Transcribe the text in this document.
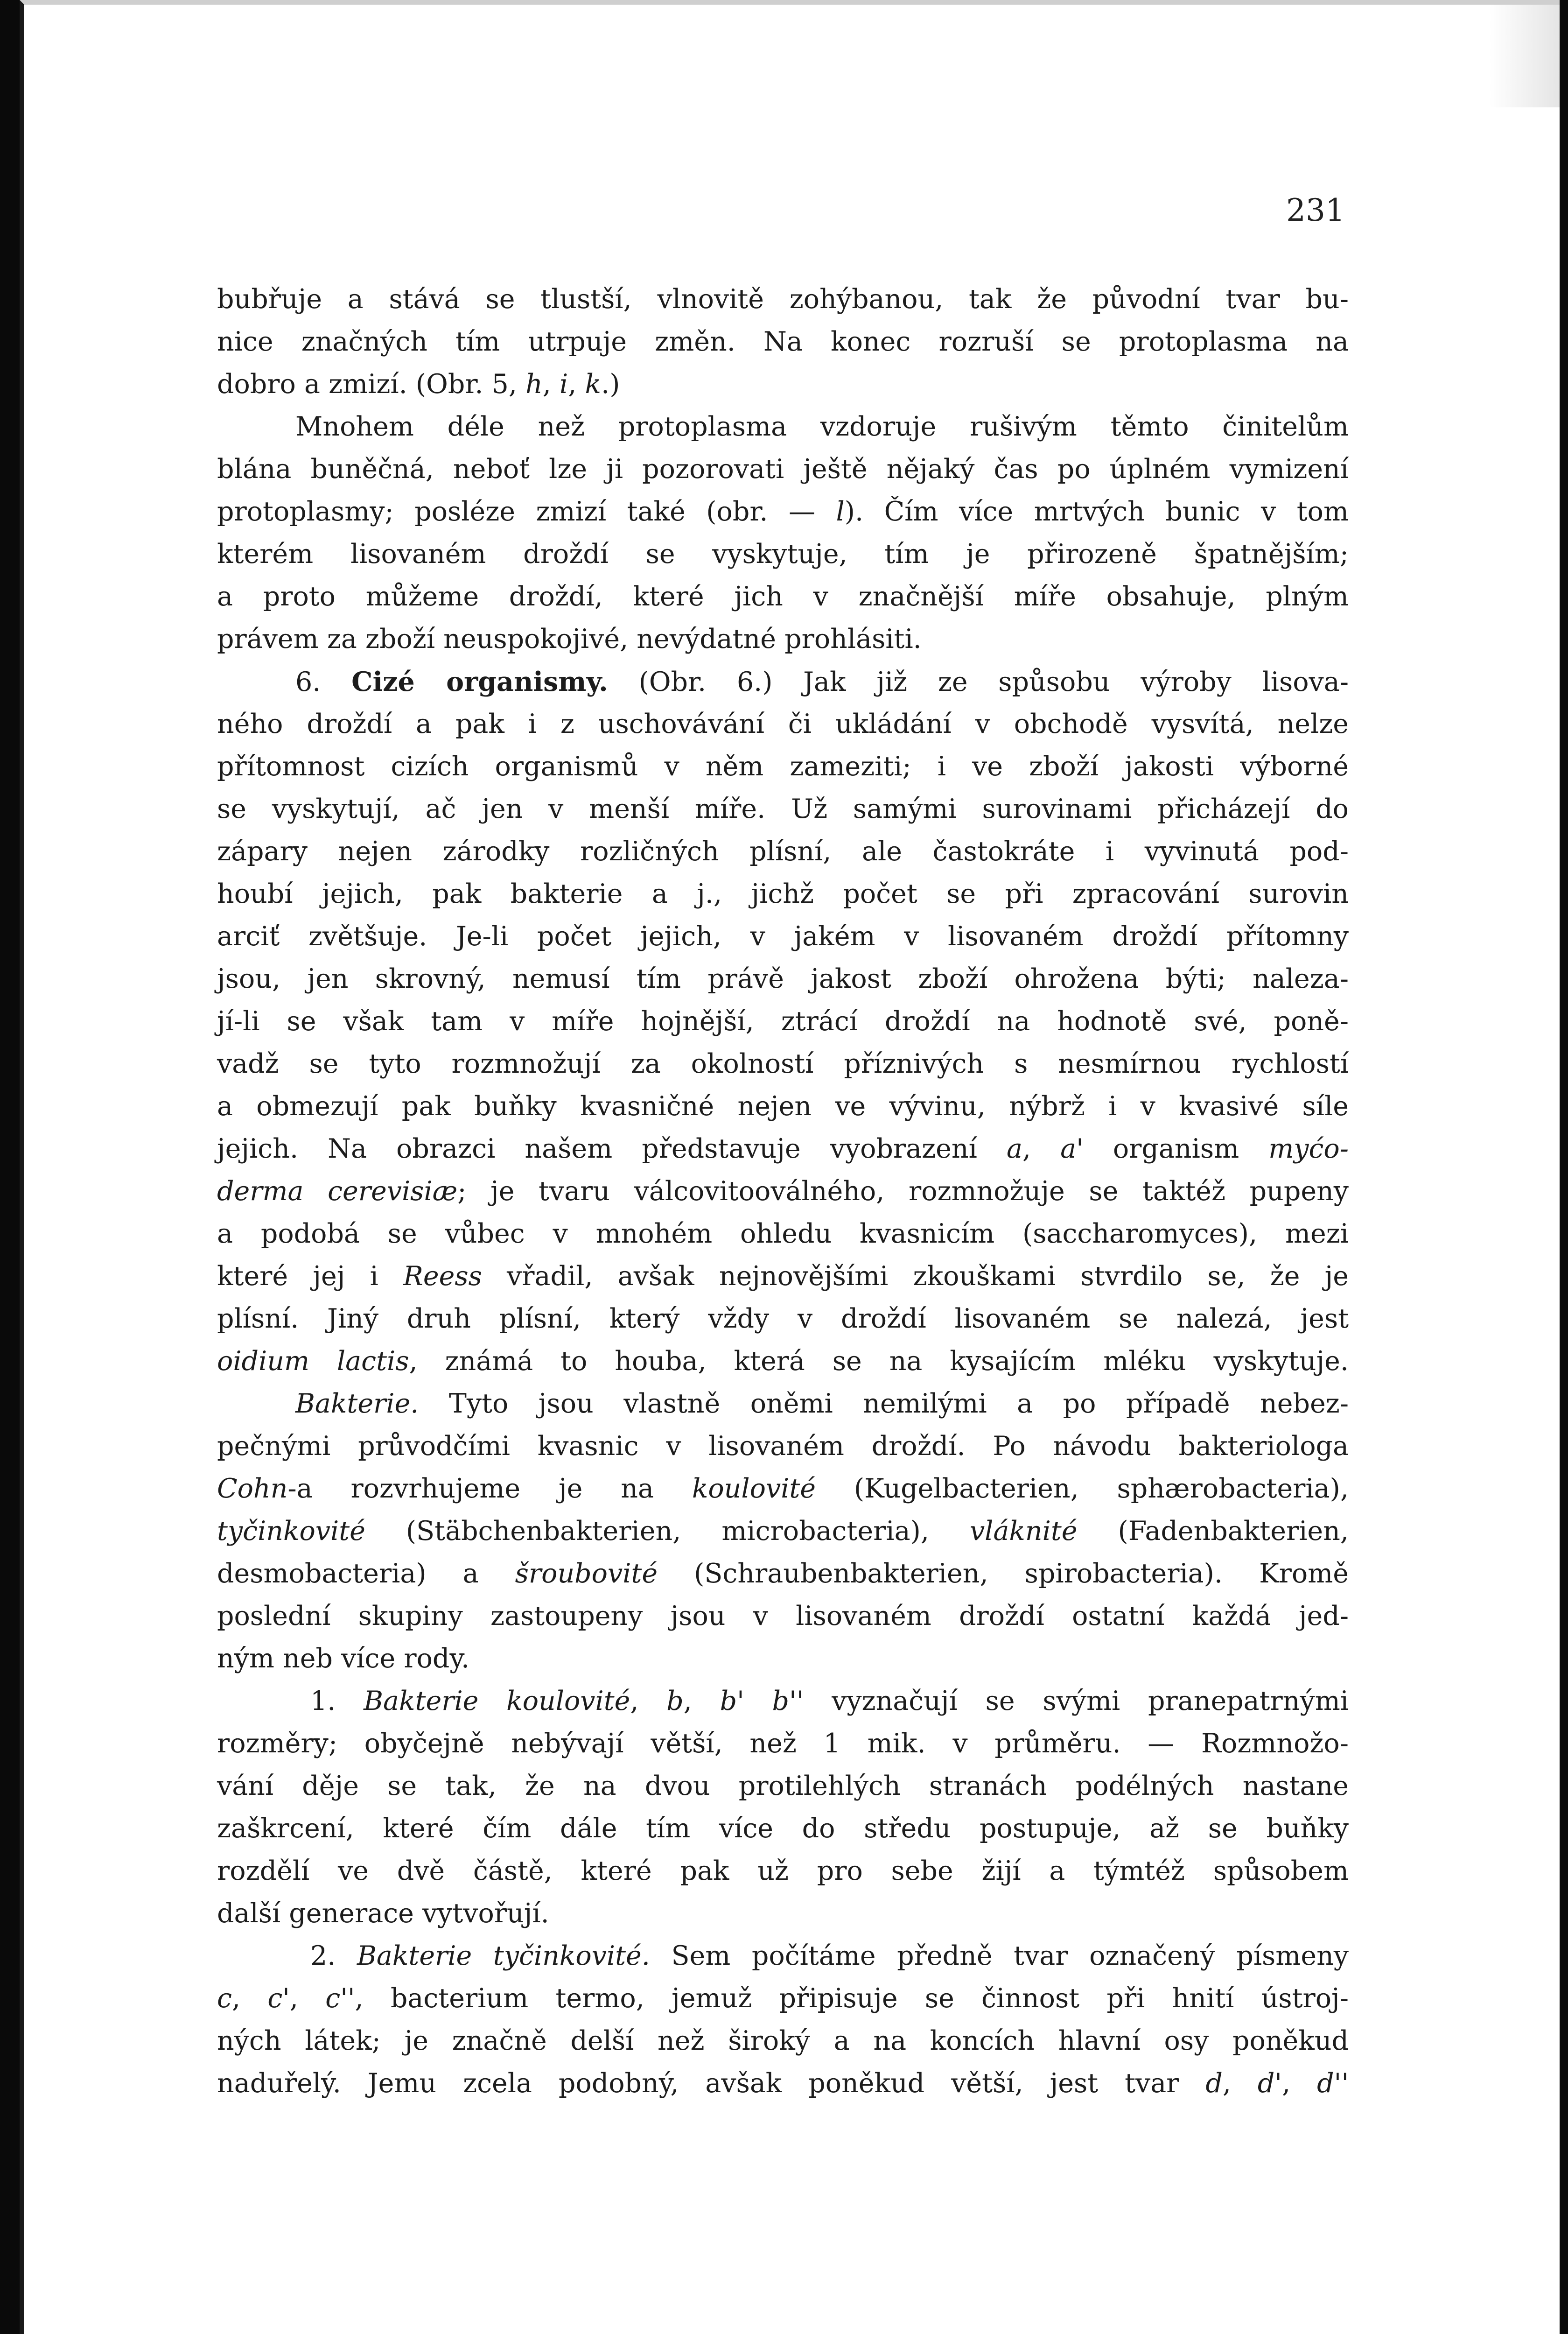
231
bubřuje a stává se tlustší, vlnovitě zohýbanou, tak že původní tvar bu-
nice značných tím utrpuje změn. Na konec rozruší se protoplasma na
dobro a zmizí. (Obr. 5, h, i, k.)
Mnohem déle než protoplasma vzdoruje rušivým těmto činitelům
blána buněčná, neboť lze ji pozorovati ještě nějaký čas po úplném vymizení
protoplasmy; posléze zmizí také (obr. — l). Čím více mrtvých bunic v tom
kterém lisovaném droždí se vyskytuje, tím je přirozeně špatnějším;
a proto můžeme droždí, které jich v značnější míře obsahuje, plným
právem za zboží neuspokojivé, nevýdatné prohlásiti.
6. Cizé organismy. (Obr. 6.) Jak již ze spůsobu výroby lisova-
ného droždí a pak i z uschovávání či ukládání v obchodě vysvítá, nelze
přítomnost cizích organismů v něm zameziti; i ve zboží jakosti výborné
se vyskytují, ač jen v menší míře. Už samými surovinami přicházejí do
zápary nejen zárodky rozličných plísní, ale častokráte i vyvinutá pod-
houbí jejich, pak bakterie a j., jichž počet se při zpracování surovin
arciť zvětšuje. Je-li počet jejich, v jakém v lisovaném droždí přítomny
jsou, jen skrovný, nemusí tím právě jakost zboží ohrožena býti; naleza-
jí-li se však tam v míře hojnější, ztrácí droždí na hodnotě své, poně-
vadž se tyto rozmnožují za okolností příznivých s nesmírnou rychlostí
a obmezují pak buňky kvasničné nejen ve vývinu, nýbrž i v kvasivé síle
jejich. Na obrazci našem představuje vyobrazení a, a' organism myćo-
derma cerevisiæ; je tvaru válcovitooválného, rozmnožuje se taktéž pupeny
a podobá se vůbec v mnohém ohledu kvasnicím (saccharomyces), mezi
které jej i Reess vřadil, avšak nejnovějšími zkouškami stvrdilo se, že je
plísní. Jiný druh plísní, který vždy v droždí lisovaném se nalezá, jest
oidium lactis, známá to houba, která se na kysajícím mléku vyskytuje.
Bakterie. Tyto jsou vlastně oněmi nemilými a po případě nebez-
pečnými průvodčími kvasnic v lisovaném droždí. Po návodu bakteriologa
Cohn-a rozvrhujeme je na koulovité (Kugelbacterien, sphærobacteria),
tyčinkovité (Stäbchenbakterien, microbacteria), vláknité (Fadenbakterien,
desmobacteria) a šroubovité (Schraubenbakterien, spirobacteria). Kromě
poslední skupiny zastoupeny jsou v lisovaném droždí ostatní každá jed-
ným neb více rody.
1. Bakterie koulovité, b, b' b'' vyznačují se svými pranepatrnými
rozměry; obyčejně nebývají větší, než 1 mik. v průměru. — Rozmnožo-
vání děje se tak, že na dvou protilehlých stranách podélných nastane
zaškrcení, které čím dále tím více do středu postupuje, až se buňky
rozdělí ve dvě částě, které pak už pro sebe žijí a týmtéž spůsobem
další generace vytvořují.
2. Bakterie tyčinkovité. Sem počítáme předně tvar označený písmeny
c, c', c'', bacterium termo, jemuž připisuje se činnost při hnití ústroj-
ných látek; je značně delší než široký a na koncích hlavní osy poněkud
naduřelý. Jemu zcela podobný, avšak poněkud větší, jest tvar d, d', d''
